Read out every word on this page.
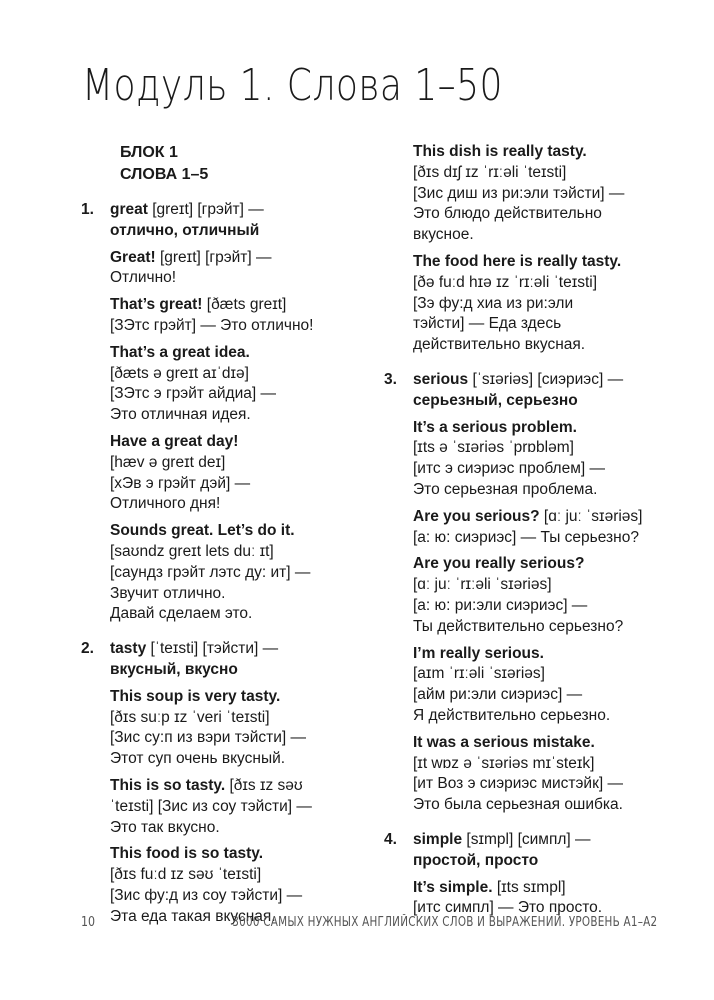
Модуль 1. Слова 1–50
БЛОК 1
СЛОВА 1–5
1. great [greɪt] [грэйт] —

отлично, отличный

Great! [greɪt] [грэйт] —

Отлично!

That’s great! [ðæts greɪt]

[ЗЭтс грэйт] — Это отлично!

That’s a great idea.

[ðæts ə greɪt aɪˈdɪə]

[ЗЭтс э грэйт айдиа] —

Это отличная идея.

Have a great day!

[hæv ə greɪt deɪ]

[хЭв э грэйт дэй] —

Отличного дня!

Sounds great. Let’s do it.

[saʊndz greɪt lets duː ɪt]

[саундз грэйт лэтс ду: ит] —

Звучит отлично.

Давай сделаем это.

2. tasty [ˈteɪsti] [тэйсти] —

вкусный, вкусно

This soup is very tasty.

[ðɪs suːp ɪz ˈveri ˈteɪsti]

[Зис су:п из вэри тэйсти] —

Этот суп очень вкусный.

This is so tasty. [ðɪs ɪz səʊ

ˈteɪsti] [Зис из соу тэйсти] —

Это так вкусно.

This food is so tasty.

[ðɪs fuːd ɪz səʊ ˈteɪsti]

[Зис фу:д из соу тэйсти] —

Эта еда такая вкусная.

This dish is really tasty.

[ðɪs dɪʃ ɪz ˈrɪːəli ˈteɪsti]

[Зис диш из ри:эли тэйсти] —

Это блюдо действительно

вкусное.

The food here is really tasty.

[ðə fuːd hɪə ɪz ˈrɪːəli ˈteɪsti]

[Зэ фу:д хиа из ри:эли

тэйсти] — Еда здесь

действительно вкусная.

3. serious [ˈsɪəriəs] [сиэриэс] —

серьезный, серьезно

It’s a serious problem.

[ɪts ə ˈsɪəriəs ˈprɒbləm]

[итс э сиэриэс проблем] —

Это серьезная проблема.

Are you serious? [ɑː juː ˈsɪəriəs]

[а: ю: сиэриэс] — Ты серьезно?

Are you really serious?

[ɑː juː ˈrɪːəli ˈsɪəriəs]

[а: ю: ри:эли сиэриэс] —

Ты действительно серьезно?

I’m really serious.

[aɪm ˈrɪːəli ˈsɪəriəs]

[айм ри:эли сиэриэс] —

Я действительно серьезно.

It was a serious mistake.

[ɪt wɒz ə ˈsɪəriəs mɪˈsteɪk]

[ит Воз э сиэриэс мистэйк] —

Это была серьезная ошибка.

4. simple [sɪmpl] [симпл] —

простой, просто

It’s simple. [ɪts sɪmpl]

[итс симпл] — Это просто.

10	3000 САМЫХ НУЖНЫХ АНГЛИЙСКИХ СЛОВ И ВЫРАЖЕНИЙ. УРОВЕНЬ A1–A2
